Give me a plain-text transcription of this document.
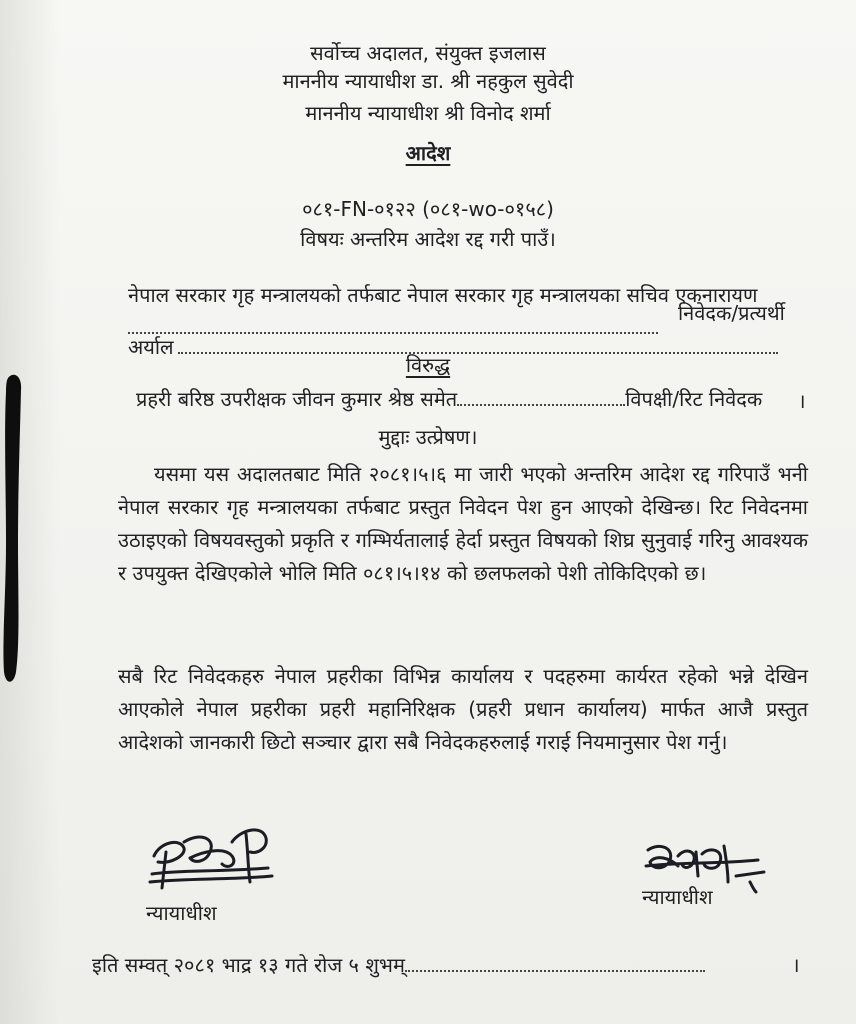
सर्वोच्च अदालत, संयुक्त इजलास
माननीय न्यायाधीश डा. श्री नहकुल सुवेदी
माननीय न्यायाधीश श्री विनोद शर्मा
आदेश
०८१-FN-०१२२ (०८१-wo-०१५८)
विषयः अन्तरिम आदेश रद्द गरी पाउँ।
नेपाल सरकार गृह मन्त्रालयको तर्फबाट नेपाल सरकार गृह मन्त्रालयका सचिव एकनारायण
निवेदक/प्रत्यर्थी
अर्याल
विरुद्ध
प्रहरी बरिष्ठ उपरीक्षक जीवन कुमार श्रेष्ठ समेत	विपक्षी/रिट निवेदक ।
मुद्दाः उत्प्रेषण।
यसमा यस अदालतबाट मिति २०८१।५।६ मा जारी भएको अन्तरिम आदेश रद्द गरिपाउँ भनी नेपाल सरकार गृह मन्त्रालयका तर्फबाट प्रस्तुत निवेदन पेश हुन आएको देखिन्छ। रिट निवेदनमा उठाइएको विषयवस्तुको प्रकृति र गम्भिर्यतालाई हेर्दा प्रस्तुत विषयको शिघ्र सुनुवाई गरिनु आवश्यक र उपयुक्त देखिएकोले भोलि मिति ०८१।५।१४ को छलफलको पेशी तोकिदिएको छ।
सबै रिट निवेदकहरु नेपाल प्रहरीका विभिन्न कार्यालय र पदहरुमा कार्यरत रहेको भन्ने देखिन आएकोले नेपाल प्रहरीका प्रहरी महानिरिक्षक (प्रहरी प्रधान कार्यालय) मार्फत आजै प्रस्तुत आदेशको जानकारी छिटो सञ्चार द्वारा सबै निवेदकहरुलाई गराई नियमानुसार पेश गर्नु।
न्यायाधीश
न्यायाधीश
इति सम्वत् २०८१ भाद्र १३ गते रोज ५ शुभम्	।
